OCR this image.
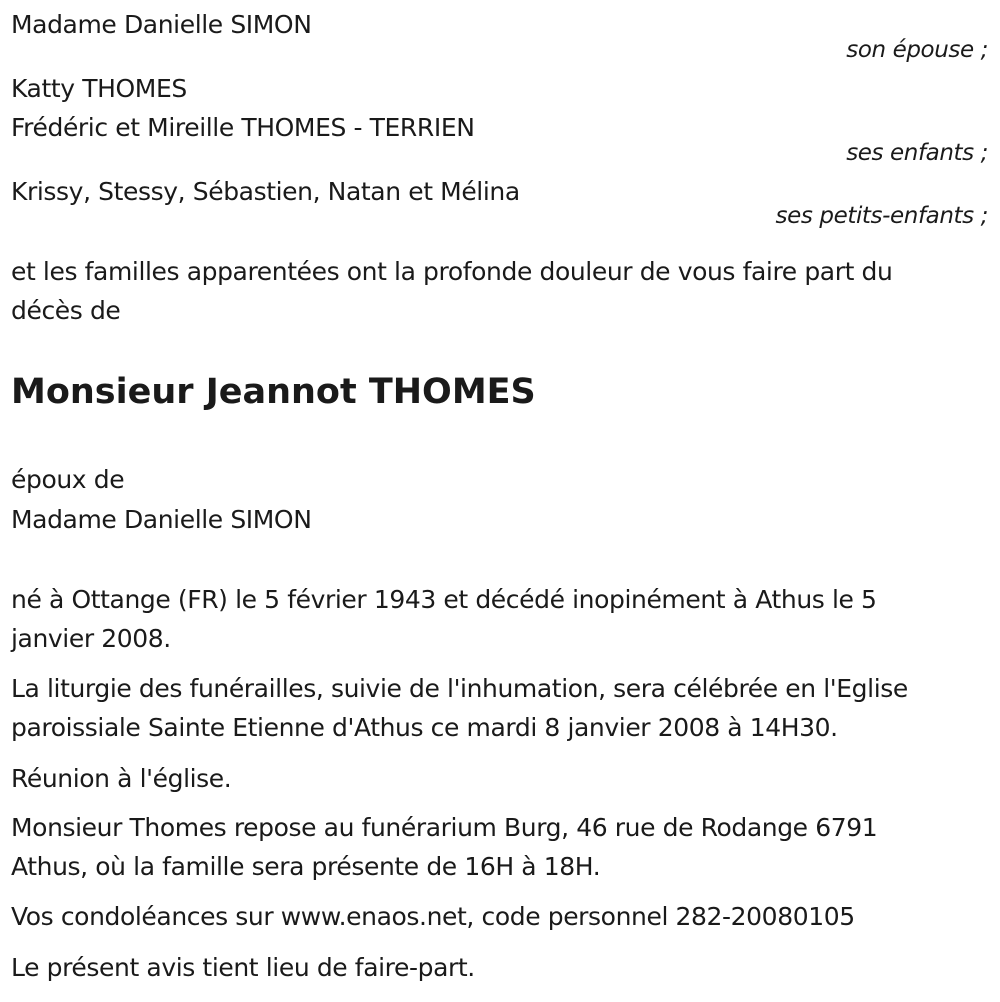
Madame Danielle SIMON
son épouse ;
Katty THOMES
Frédéric et Mireille THOMES - TERRIEN
ses enfants ;
Krissy, Stessy, Sébastien, Natan et Mélina
ses petits-enfants ;
et les familles apparentées ont la profonde douleur de vous faire part du
décès de
Monsieur Jeannot THOMES
époux de
Madame Danielle SIMON
né à Ottange (FR) le 5 février 1943 et décédé inopinément à Athus le 5
janvier 2008.
La liturgie des funérailles, suivie de l'inhumation, sera célébrée en l'Eglise
paroissiale Sainte Etienne d'Athus ce mardi 8 janvier 2008 à 14H30.
Réunion à l'église.
Monsieur Thomes repose au funérarium Burg, 46 rue de Rodange 6791
Athus, où la famille sera présente de 16H à 18H.
Vos condoléances sur www.enaos.net, code personnel 282-20080105
Le présent avis tient lieu de faire-part.
